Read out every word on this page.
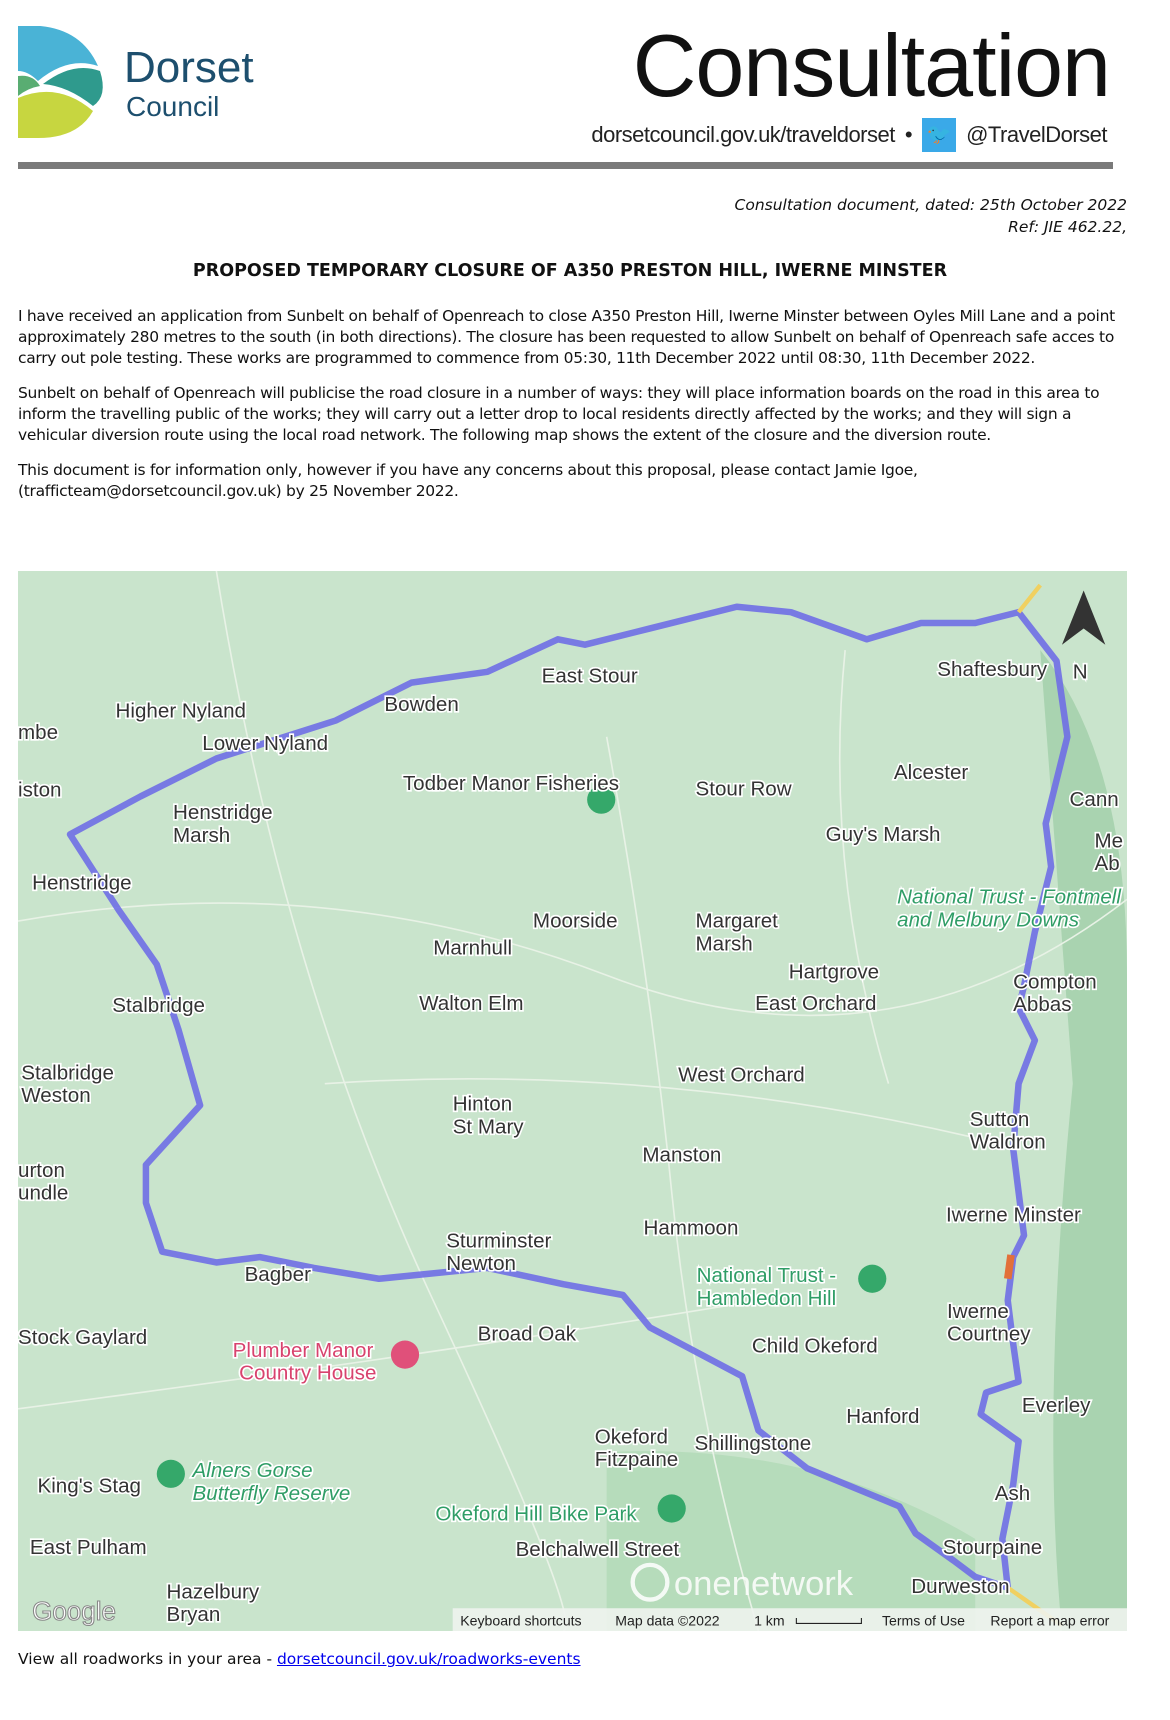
Dorset
Council	Consultation
dorsetcouncil.gov.uk/traveldorset • 🐦 @TravelDorset
Consultation document, dated: 25th October 2022
Ref: JIE 462.22,
PROPOSED TEMPORARY CLOSURE OF A350 PRESTON HILL, IWERNE MINSTER

I have received an application from Sunbelt on behalf of Openreach to close A350 Preston Hill, Iwerne Minster between Oyles Mill Lane and a point approximately 280 metres to the south (in both directions). The closure has been requested to allow Sunbelt on behalf of Openreach safe acces to carry out pole testing. These works are programmed to commence from 05:30, 11th December 2022 until 08:30, 11th December 2022.

Sunbelt on behalf of Openreach will publicise the road closure in a number of ways: they will place information boards on the road in this area to inform the travelling public of the works; they will carry out a letter drop to local residents directly affected by the works; and they will sign a vehicular diversion route using the local road network. The following map shows the extent of the closure and the diversion route.

This document is for information only, however if you have any concerns about this proposal, please contact Jamie Igoe, (trafficteam@dorsetcouncil.gov.uk) by 25 November 2022.

onenetwork
Shaftesbury N
East Stour
Bowden
Higher Nyland
Lower Nyland
mbe
iston
Henstridge Marsh
Henstridge
Todber Manor Fisheries	Stour Row
Alcester
Cann
Guy's Marsh	Me Ab
Moorside	Margaret Marsh
Marnhull
Hartgrove
East Orchard
Walton Elm
Stalbridge
Compton Abbas
Stalbridge Weston
West Orchard
Hinton St Mary	Sutton Waldron
urton undle
Manston
Iwerne Minster
Hammoon
Sturminster Newton
Bagber
Iwerne Courtney
Stock Gaylard	Broad Oak
Child Okeford
Everley
Hanford
Okeford Fitzpaine
Shillingstone
Ash
King's Stag
East Pulham	Stourpaine
Belchalwell Street
Durweston
Hazelbury Bryan
National Trust - Fontmell and Melbury Downs
National Trust -Hambledon Hill
Alners Gorse Butterfly Reserve
Okeford Hill Bike Park
Plumber Manor Country House
Google	Keyboard shortcuts	Map data ©2022	1 km	Terms of Use Report a map error
View all roadworks in your area - dorsetcouncil.gov.uk/roadworks-events
